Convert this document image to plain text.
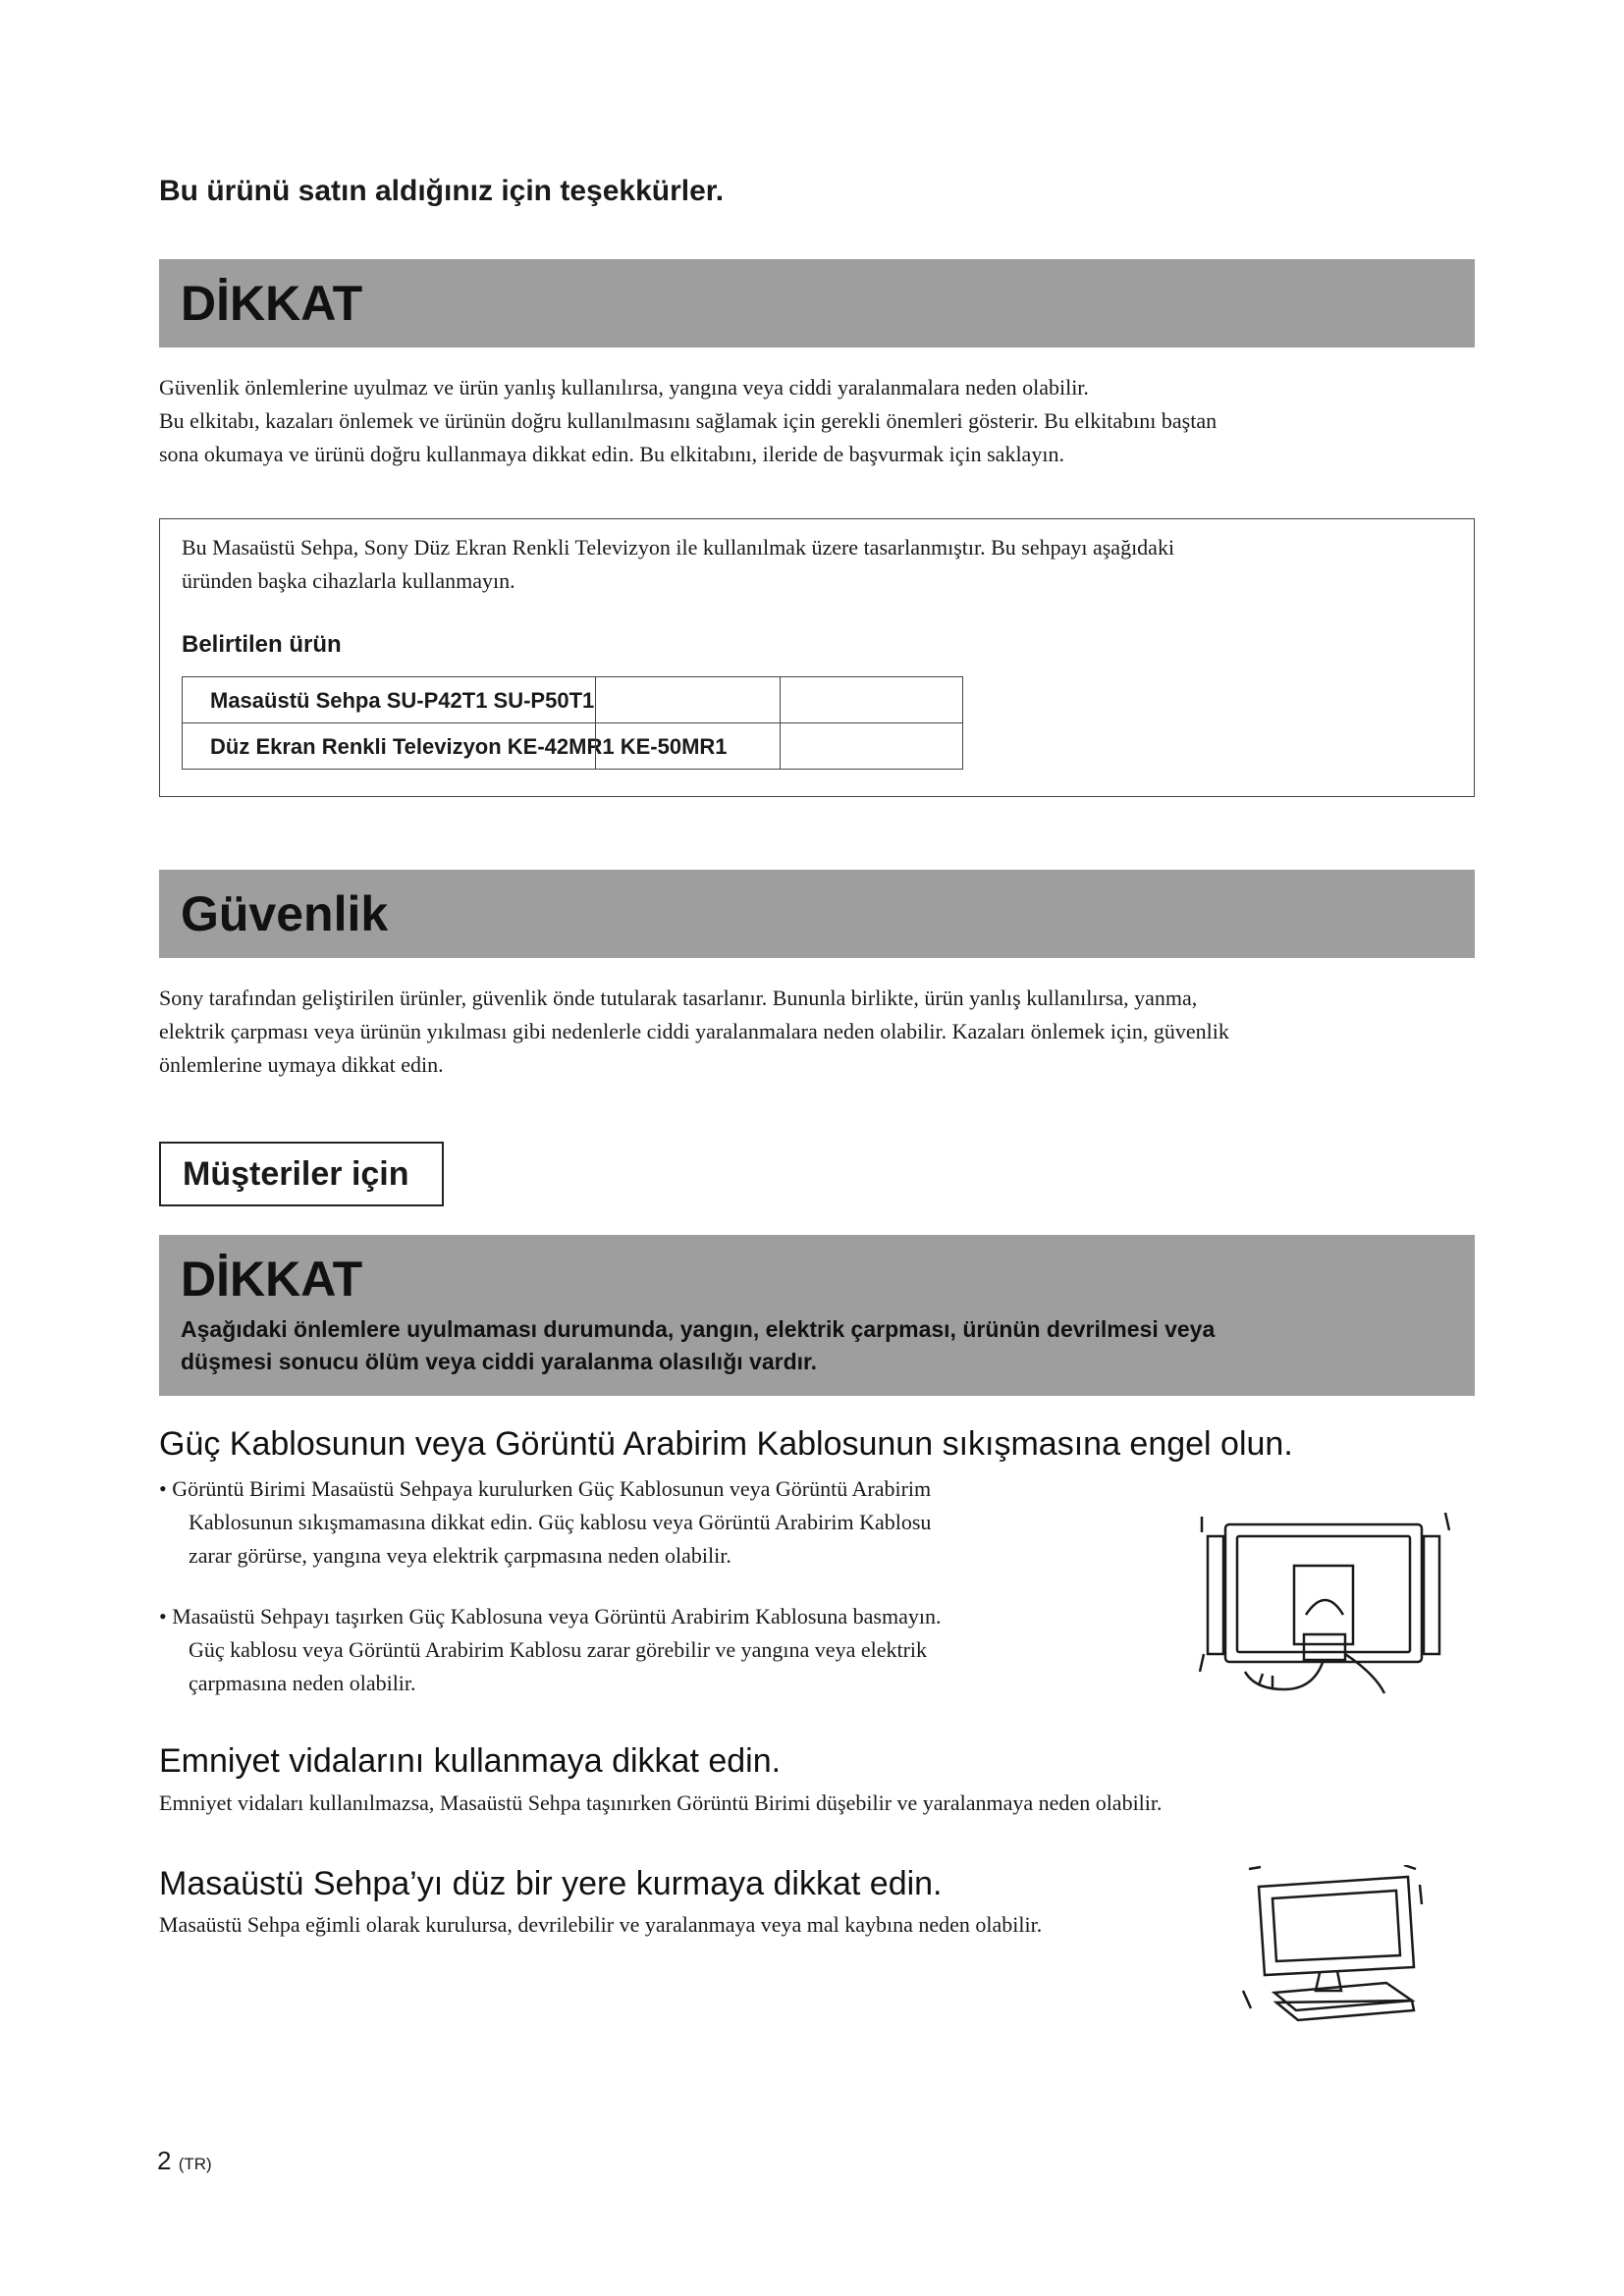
Bu ürünü satın aldığınız için teşekkürler.
DİKKAT

Güvenlik önlemlerine uyulmaz ve ürün yanlış kullanılırsa, yangına veya ciddi yaralanmalara neden olabilir.

Bu elkitabı, kazaları önlemek ve ürünün doğru kullanılmasını sağlamak için gerekli önemleri gösterir. Bu elkitabını baştan

sona okumaya ve ürünü doğru kullanmaya dikkat edin. Bu elkitabını, ileride de başvurmak için saklayın.

Bu Masaüstü Sehpa, Sony Düz Ekran Renkli Televizyon ile kullanılmak üzere tasarlanmıştır. Bu sehpayı aşağıdaki
üründen başka cihazlarla kullanmayın.
Belirtilen ürün
Masaüstü Sehpa SU-P42T1 SU-P50T1

Düz Ekran Renkli Televizyon KE-42MR1 KE-50MR1
Güvenlik

Sony tarafından geliştirilen ürünler, güvenlik önde tutularak tasarlanır. Bununla birlikte, ürün yanlış kullanılırsa, yanma,

elektrik çarpması veya ürünün yıkılması gibi nedenlerle ciddi yaralanmalara neden olabilir. Kazaları önlemek için, güvenlik

önlemlerine uymaya dikkat edin.

Müşteriler için
DİKKAT
Aşağıdaki önlemlere uyulmaması durumunda, yangın, elektrik çarpması, ürünün devrilmesi veya
düşmesi sonucu ölüm veya ciddi yaralanma olasılığı vardır.
Güç Kablosunun veya Görüntü Arabirim Kablosunun sıkışmasına engel olun.
• Görüntü Birimi Masaüstü Sehpaya kurulurken Güç Kablosunun veya Görüntü Arabirim
Kablosunun sıkışmamasına dikkat edin. Güç kablosu veya Görüntü Arabirim Kablosu
zarar görürse, yangına veya elektrik çarpmasına neden olabilir.
• Masaüstü Sehpayı taşırken Güç Kablosuna veya Görüntü Arabirim Kablosuna basmayın.
Güç kablosu veya Görüntü Arabirim Kablosu zarar görebilir ve yangına veya elektrik
çarpmasına neden olabilir.
Emniyet vidalarını kullanmaya dikkat edin.
Emniyet vidaları kullanılmazsa, Masaüstü Sehpa taşınırken Görüntü Birimi düşebilir ve yaralanmaya neden olabilir.
Masaüstü Sehpa’yı düz bir yere kurmaya dikkat edin.
Masaüstü Sehpa eğimli olarak kurulursa, devrilebilir ve yaralanmaya veya mal kaybına neden olabilir.
2 (TR)
